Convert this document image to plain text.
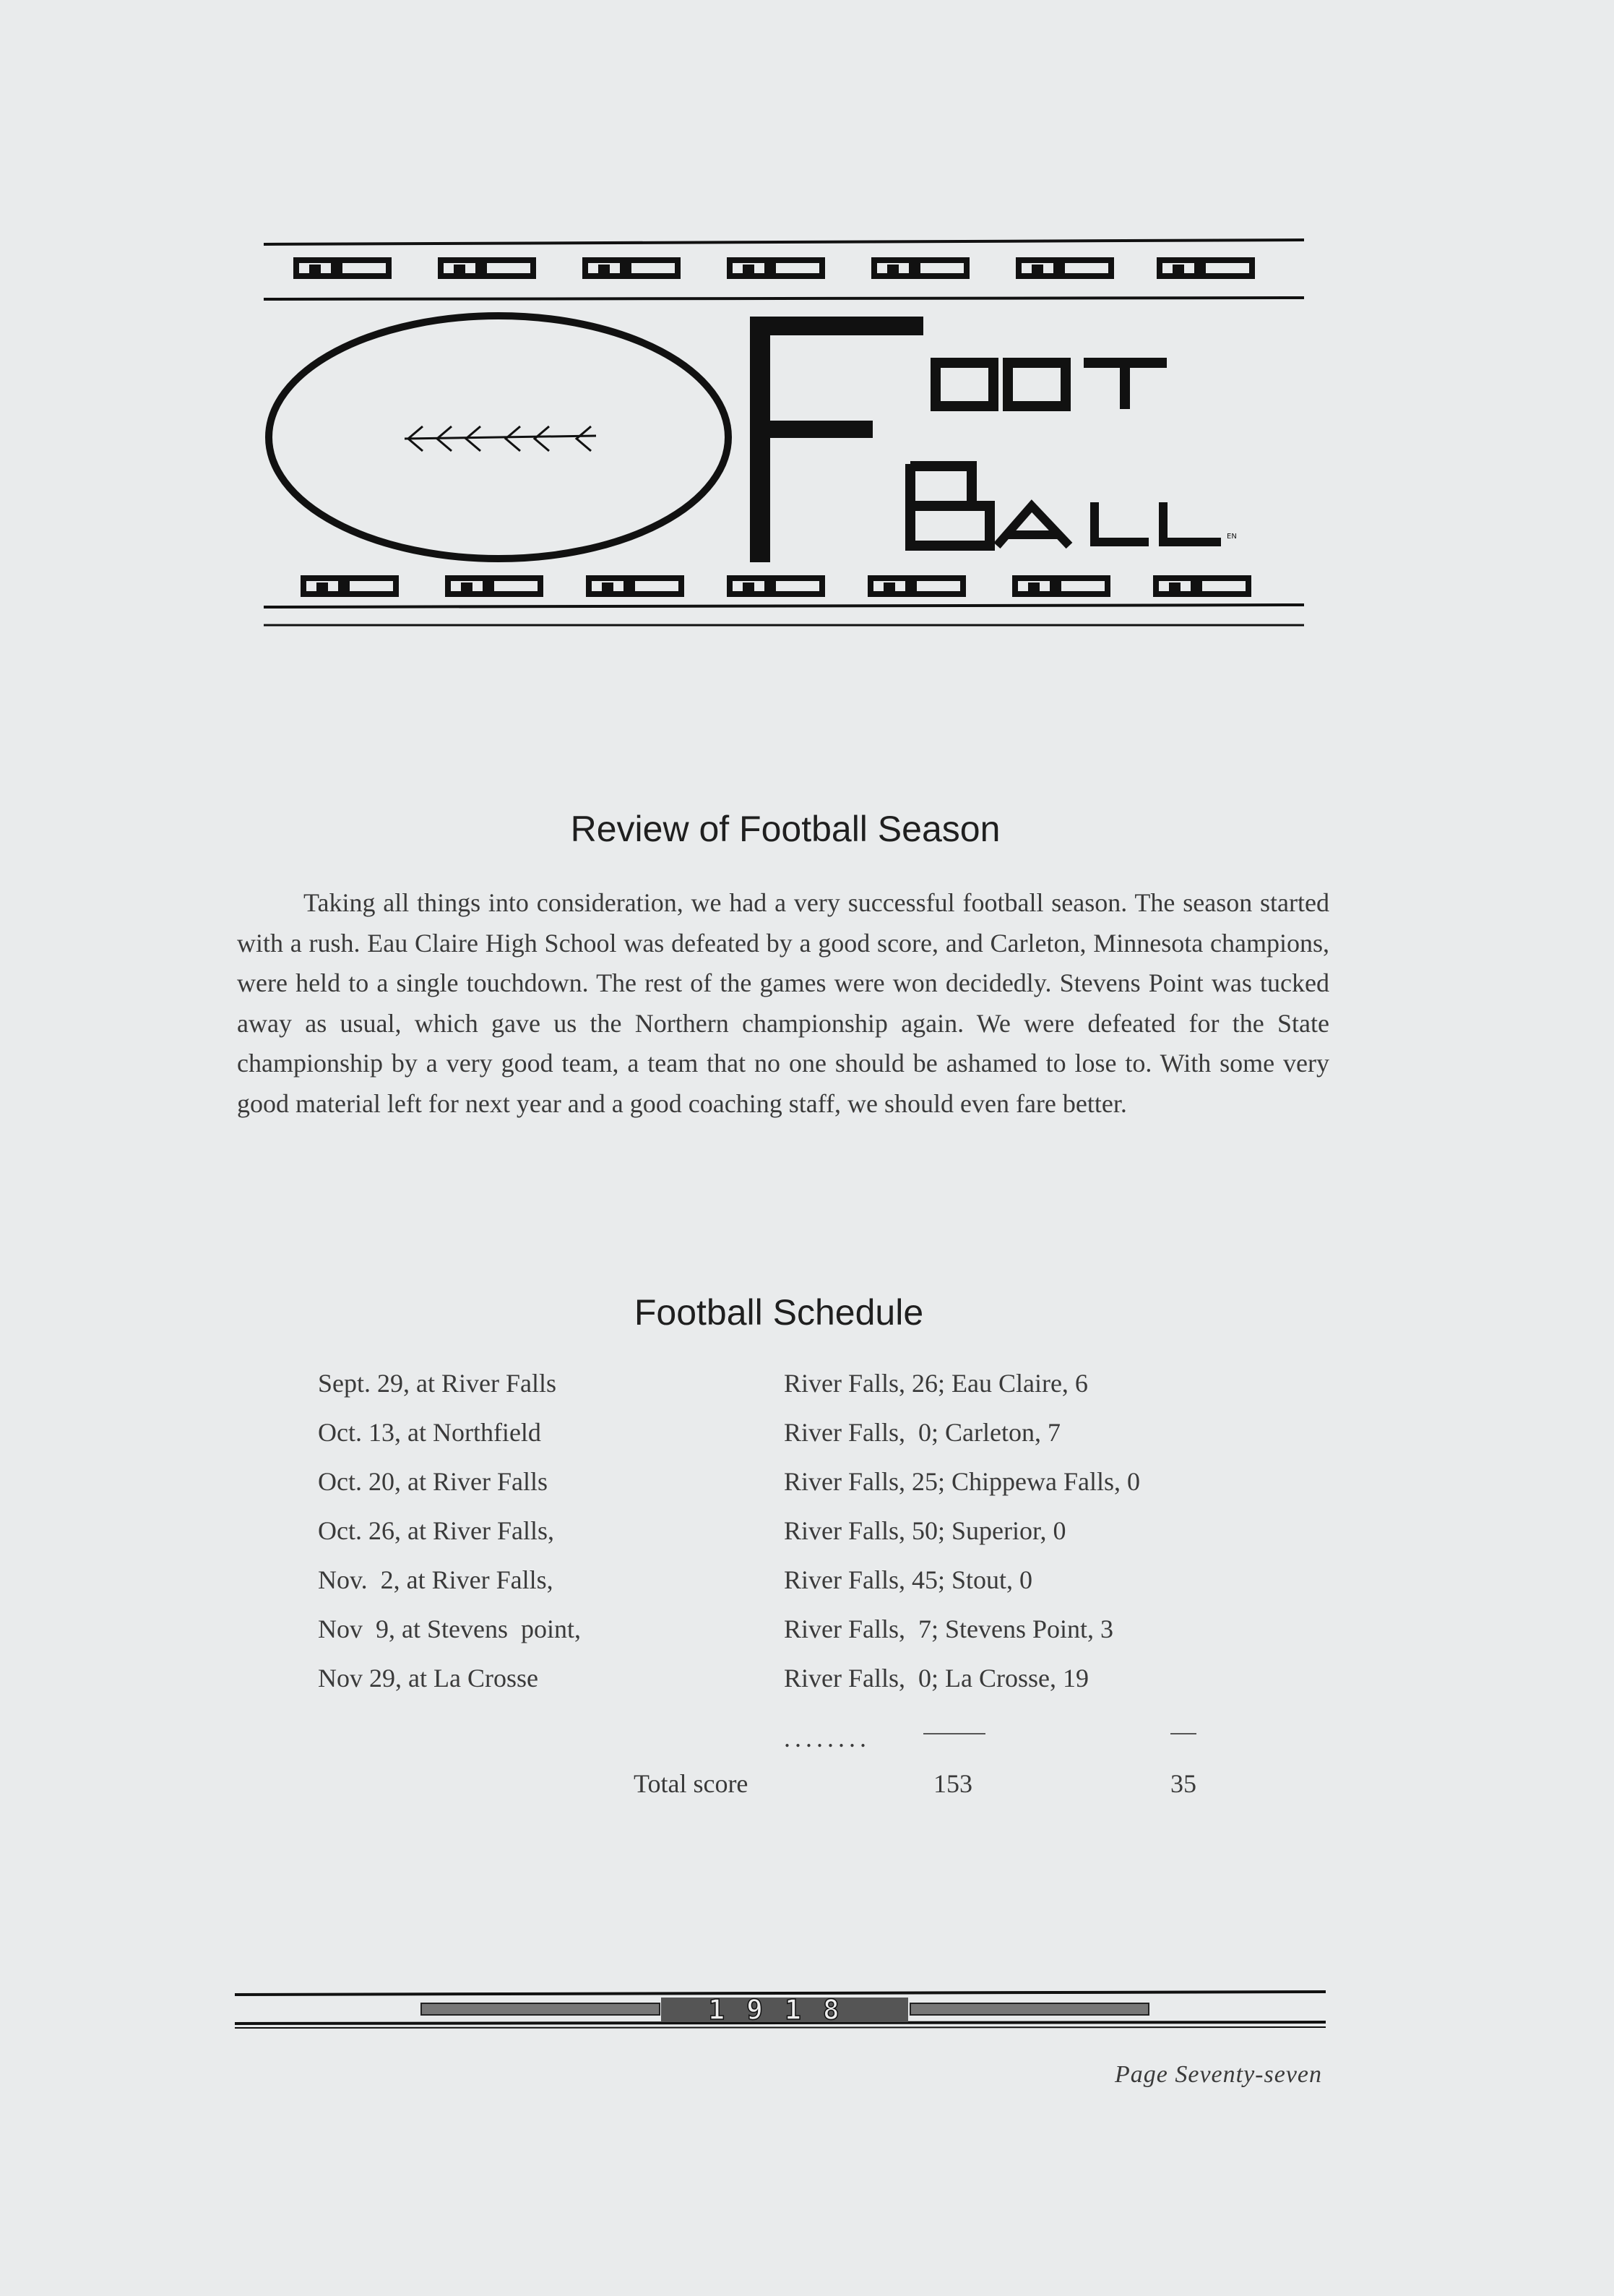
EN
Review of Football Season

Taking all things into consideration, we had a very successful football season. The season started with a rush. Eau Claire High School was defeated by a good score, and Carleton, Minnesota champions, were held to a single touchdown. The rest of the games were won decidedly. Stevens Point was tucked away as usual, which gave us the Northern championship again. We were defeated for the State championship by a very good team, a team that no one should be ashamed to lose to. With some very good material left for next year and a good coaching staff, we should even fare better.

Football Schedule
Sept. 29, at River Falls	River Falls, 26; Eau Claire, 6
Oct. 13, at Northfield	River Falls,  0; Carleton, 7
Oct. 20, at River Falls	River Falls, 25; Chippewa Falls, 0
Oct. 26, at River Falls,	River Falls, 50; Superior, 0
Nov.  2, at River Falls,	River Falls, 45; Stout, 0
Nov  9, at Stevens  point,	River Falls,  7; Stevens Point, 3
Nov 29, at La Crosse	River Falls,  0; La Crosse, 19
........
Total score	153	35
1918
Page Seventy-seven
